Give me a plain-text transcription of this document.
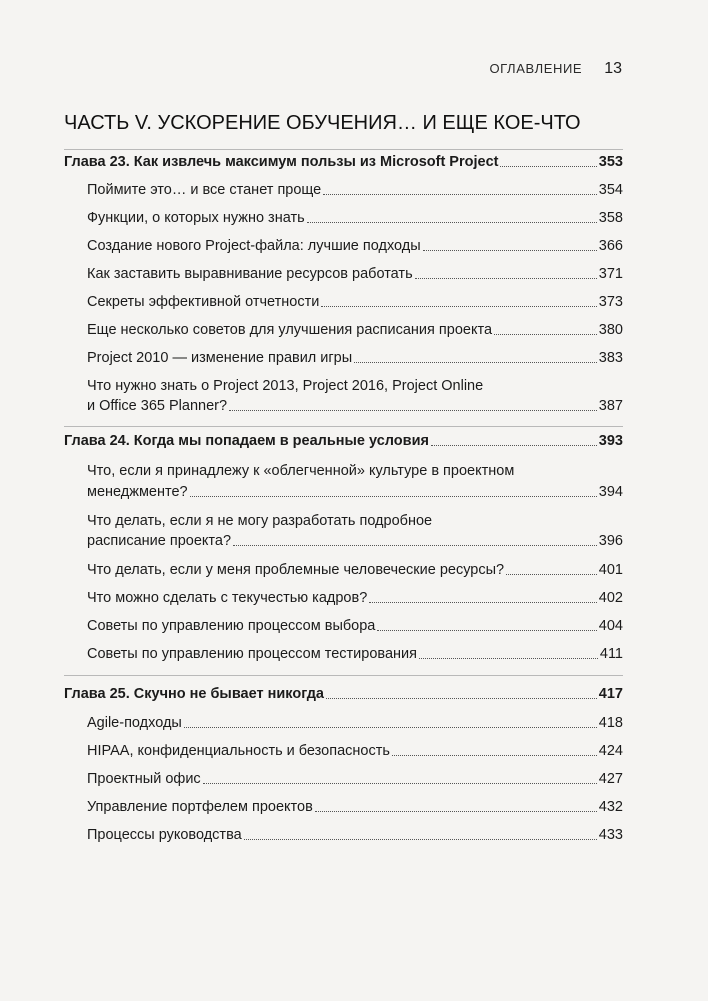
ОГЛАВЛЕНИЕ 13
ЧАСТЬ V. УСКОРЕНИЕ ОБУЧЕНИЯ… И ЕЩЕ КОЕ-ЧТО
Глава 23. Как извлечь максимум пользы из Microsoft Project	353
Поймите это… и все станет проще	354
Функции, о которых нужно знать	358
Создание нового Project-файла: лучшие подходы	366
Как заставить выравнивание ресурсов работать	371
Секреты эффективной отчетности	373
Еще несколько советов для улучшения расписания проекта	380
Project 2010 — изменение правил игры	383
Что нужно знать о Project 2013, Project 2016, Project Online
и Office 365 Planner?	387
Глава 24. Когда мы попадаем в реальные условия	393
Что, если я принадлежу к «облегченной» культуре в проектном
менеджменте?	394
Что делать, если я не могу разработать подробное
расписание проекта?	396
Что делать, если у меня проблемные человеческие ресурсы?	401
Что можно сделать с текучестью кадров?	402
Советы по управлению процессом выбора	404
Советы по управлению процессом тестирования	411
Глава 25. Скучно не бывает никогда	417
Agile-подходы	418
HIPAA, конфиденциальность и безопасность	424
Проектный офис	427
Управление портфелем проектов	432
Процессы руководства	433
